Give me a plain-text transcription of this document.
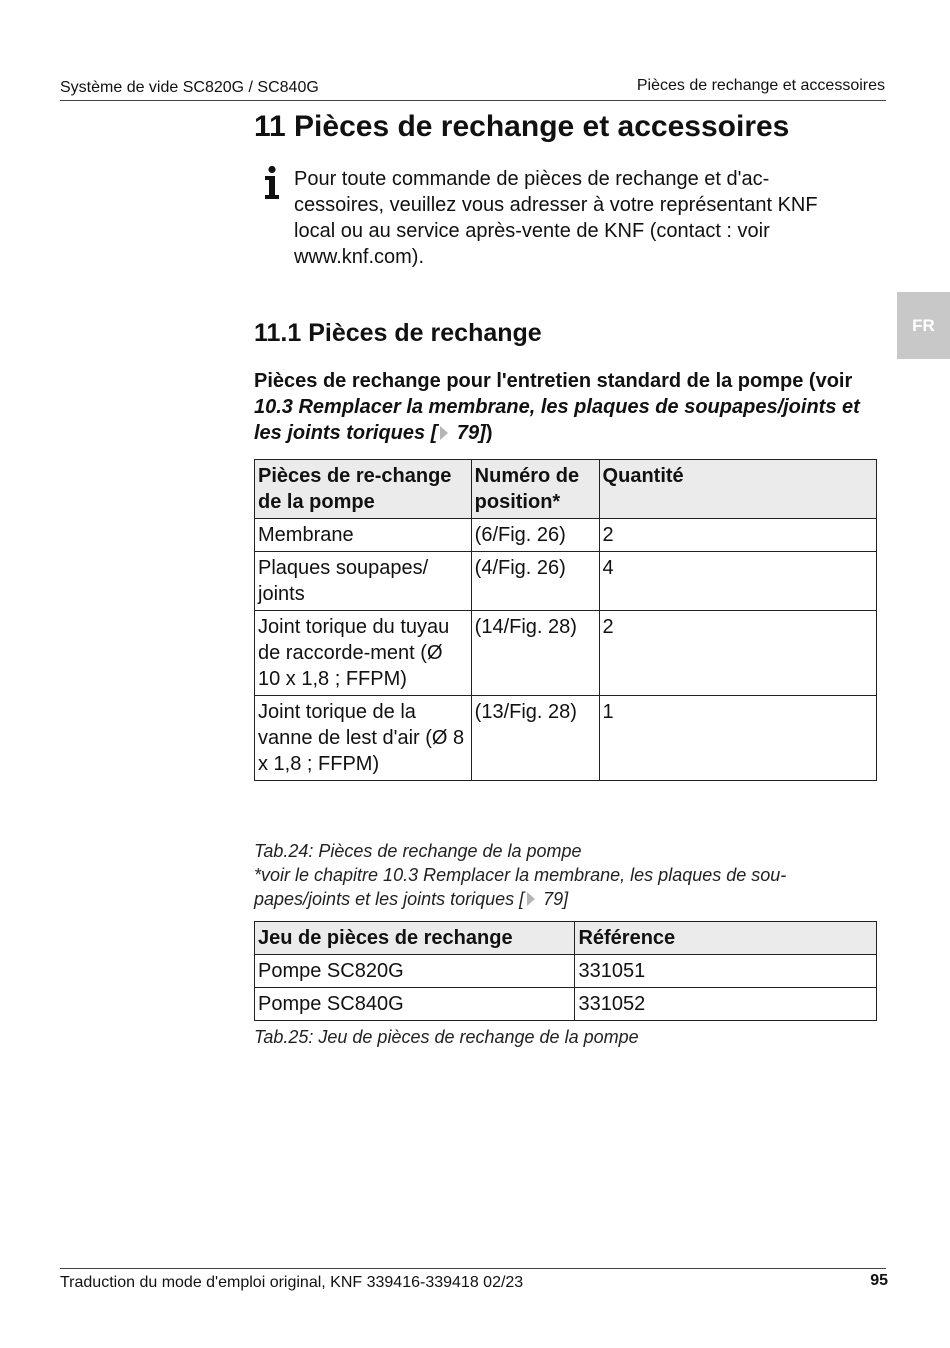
Système de vide SC820G / SC840G	Pièces de rechange et accessoires
FR
11 Pièces de rechange et accessoires

Pour toute commande de pièces de rechange et d'ac-cessoires, veuillez vous adresser à votre représentant KNF local ou au service après-vente de KNF (contact : voir www.knf.com).

11.1 Pièces de rechange

Pièces de rechange pour l'entretien standard de la pompe (voir 10.3 Remplacer la membrane, les plaques de soupapes/joints et les joints toriques [ 79])

Pièces de re-change de la pompe	Numéro de position*	Quantité
Membrane	(6/Fig. 26)	2
Plaques soupapes/ joints	(4/Fig. 26)	4
Joint torique du tuyau de raccorde-ment (Ø 10 x 1,8 ; FFPM)	(14/Fig. 28)	2
Joint torique de la vanne de lest d'air (Ø 8 x 1,8 ; FFPM)	(13/Fig. 28)	1

Tab.24: Pièces de rechange de la pompe

*voir le chapitre 10.3 Remplacer la membrane, les plaques de sou-papes/joints et les joints toriques [ 79]

Jeu de pièces de rechange	Référence
Pompe SC820G	331051
Pompe SC840G	331052

Tab.25: Jeu de pièces de rechange de la pompe

Traduction du mode d'emploi original, KNF 339416-339418 02/23	95
